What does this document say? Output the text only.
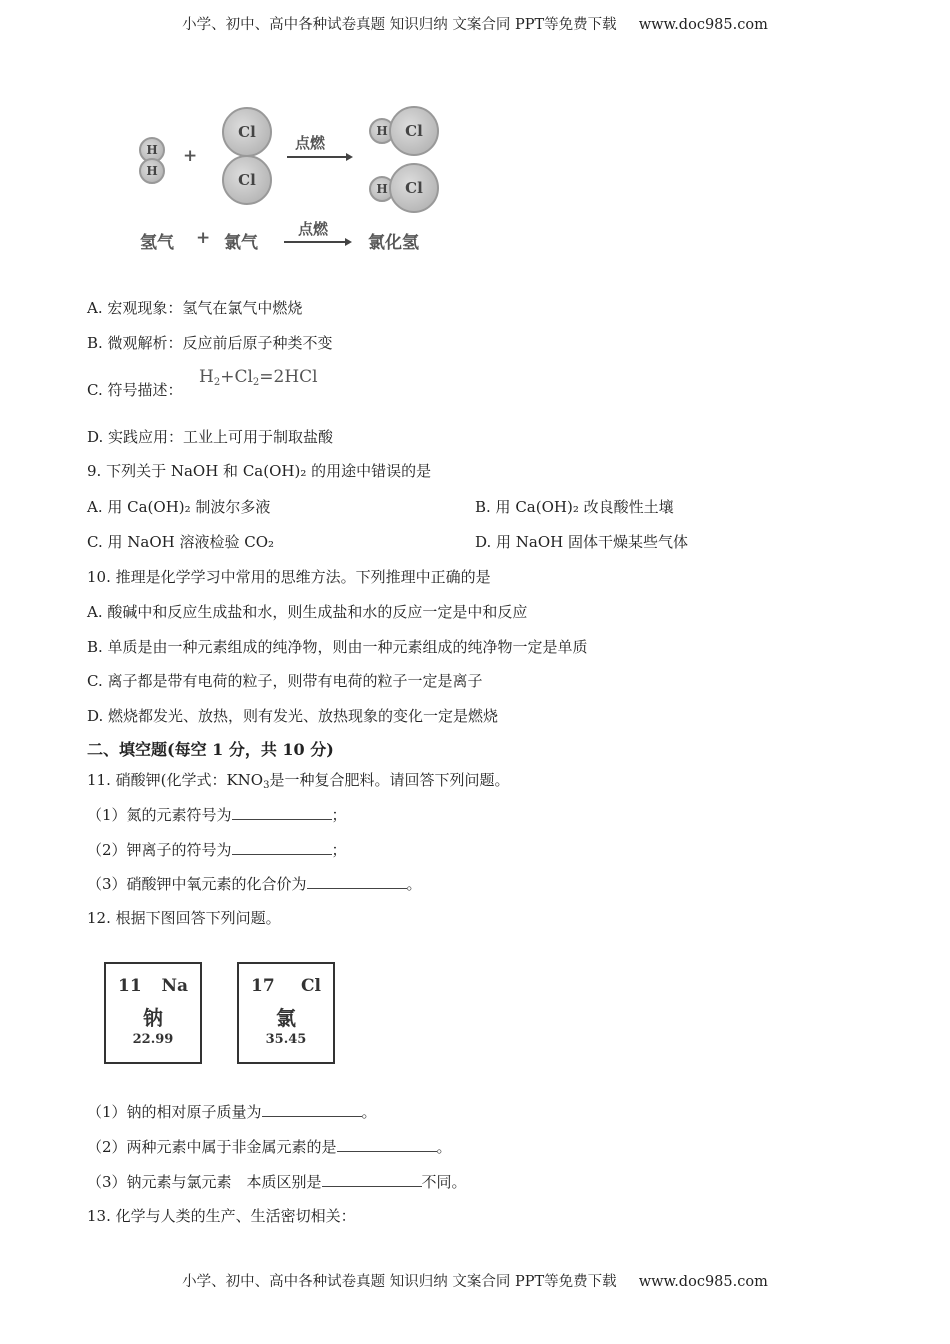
小学、初中、高中各种试卷真题 知识归纳 文案合同 PPT等免费下载 www.doc985.com
H
H
+
Cl
Cl
点燃
H Cl
H Cl
氢气 + 氯气
点燃
氯化氢
A. 宏观现象：氢气在氯气中燃烧
B. 微观解析：反应前后原子种类不变
C. 符号描述：
$H_2+Cl_2=2HCl$
D. 实践应用：工业上可用于制取盐酸
9. 下列关于 NaOH 和 Ca(OH)₂ 的用途中错误的是
A. 用 Ca(OH)₂ 制波尔多液	B. 用 Ca(OH)₂ 改良酸性土壤
C. 用 NaOH 溶液检验 CO₂	D. 用 NaOH 固体干燥某些气体
10. 推理是化学学习中常用的思维方法。下列推理中正确的是
A. 酸碱中和反应生成盐和水，则生成盐和水的反应一定是中和反应
B. 单质是由一种元素组成的纯净物，则由一种元素组成的纯净物一定是单质
C. 离子都是带有电荷的粒子，则带有电荷的粒子一定是离子
D. 燃烧都发光、放热，则有发光、放热现象的变化一定是燃烧
二、填空题(每空 1 分，共 10 分)
11. 硝酸钾(化学式：$KNO_3$是一种复合肥料。请回答下列问题。
（1）氮的元素符号为	；
（2）钾离子的符号为	；
（3）硝酸钾中氧元素的化合价为	。
12. 根据下图回答下列问题。
11 Na
钠
22.99
17 Cl
氯
35.45
（1）钠的相对原子质量为	。
（2）两种元素中属于非金属元素的是	。
（3）钠元素与氯元素　本质区别是	不同。
13. 化学与人类的生产、生活密切相关：
小学、初中、高中各种试卷真题 知识归纳 文案合同 PPT等免费下载 www.doc985.com
